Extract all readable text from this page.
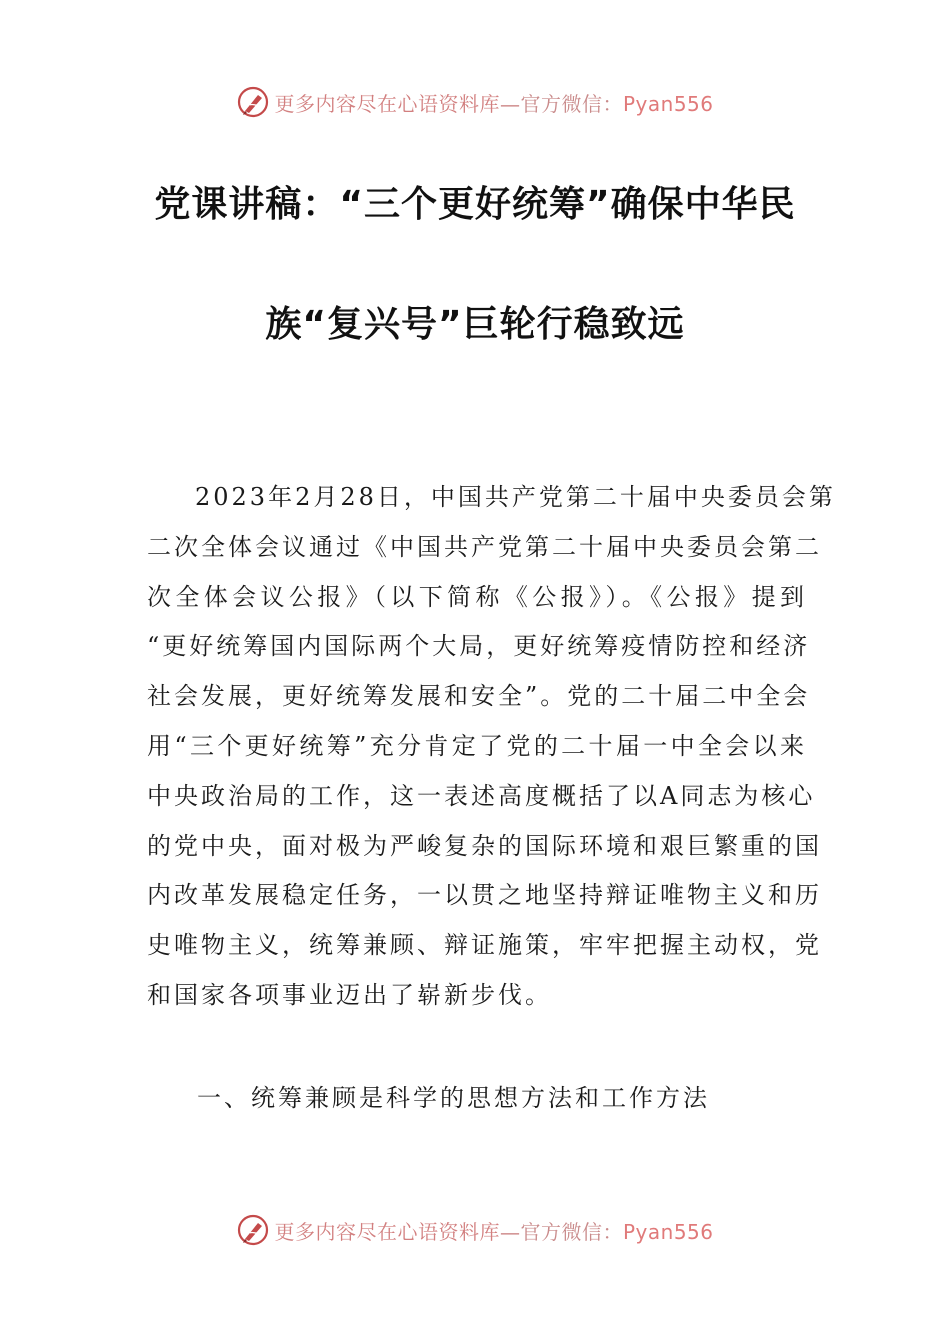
更多内容尽在心语资料库—官方微信：Pyan556
党课讲稿：“三个更好统筹”确保中华民
族“复兴号”巨轮行稳致远
2023年2月28日，中国共产党第二十届中央委员会第
二次全体会议通过《中国共产党第二十届中央委员会第二
次全体会议公报》（以下简称《公报》）。《公报》提到
“更好统筹国内国际两个大局，更好统筹疫情防控和经济
社会发展，更好统筹发展和安全”。党的二十届二中全会
用“三个更好统筹”充分肯定了党的二十届一中全会以来
中央政治局的工作，这一表述高度概括了以A同志为核心
的党中央，面对极为严峻复杂的国际环境和艰巨繁重的国
内改革发展稳定任务，一以贯之地坚持辩证唯物主义和历
史唯物主义，统筹兼顾、辩证施策，牢牢把握主动权，党
和国家各项事业迈出了崭新步伐。
一、统筹兼顾是科学的思想方法和工作方法
更多内容尽在心语资料库—官方微信：Pyan556
